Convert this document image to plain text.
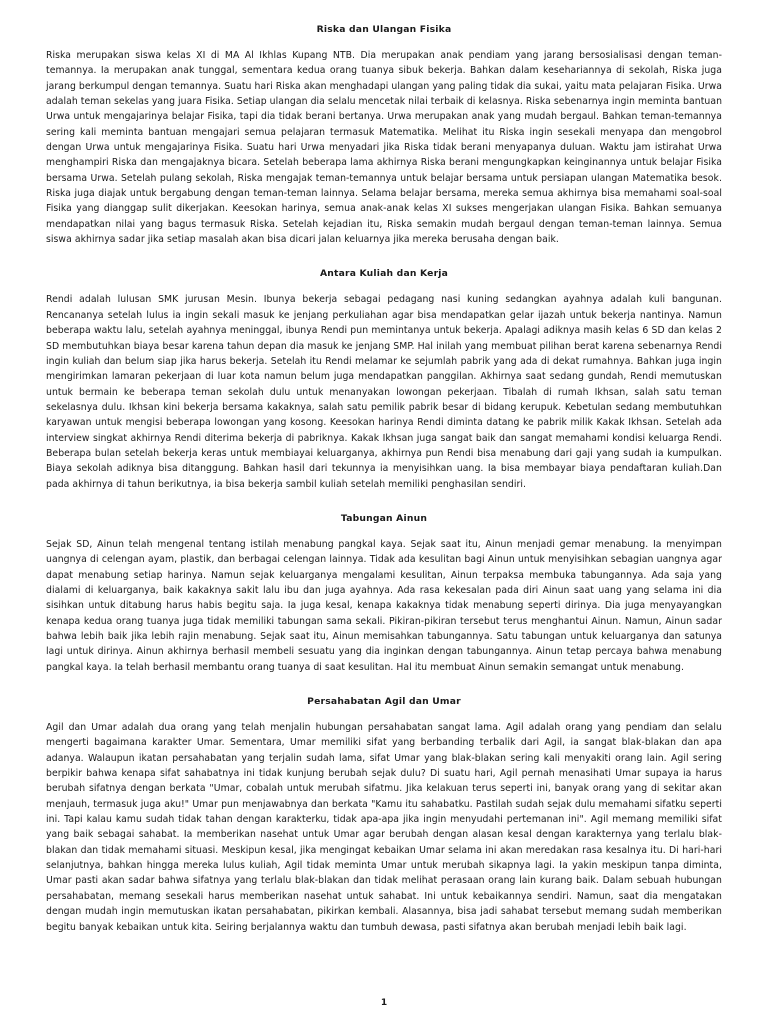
Riska dan Ulangan Fisika

Riska merupakan siswa kelas XI di MA Al Ikhlas Kupang NTB. Dia merupakan anak pendiam yang jarang bersosialisasi dengan teman-temannya. Ia merupakan anak tunggal, sementara kedua orang tuanya sibuk bekerja. Bahkan dalam kesehariannya di sekolah, Riska juga jarang berkumpul dengan temannya. Suatu hari Riska akan menghadapi ulangan yang paling tidak dia sukai, yaitu mata pelajaran Fisika. Urwa adalah teman sekelas yang juara Fisika. Setiap ulangan dia selalu mencetak nilai terbaik di kelasnya. Riska sebenarnya ingin meminta bantuan Urwa untuk mengajarinya belajar Fisika, tapi dia tidak berani bertanya. Urwa merupakan anak yang mudah bergaul. Bahkan teman-temannya sering kali meminta bantuan mengajari semua pelajaran termasuk Matematika. Melihat itu Riska ingin sesekali menyapa dan mengobrol dengan Urwa untuk mengajarinya Fisika. Suatu hari Urwa menyadari jika Riska tidak berani menyapanya duluan. Waktu jam istirahat Urwa menghampiri Riska dan mengajaknya bicara. Setelah beberapa lama akhirnya Riska berani mengungkapkan keinginannya untuk belajar Fisika bersama Urwa. Setelah pulang sekolah, Riska mengajak teman-temannya untuk belajar bersama untuk persiapan ulangan Matematika besok. Riska juga diajak untuk bergabung dengan teman-teman lainnya. Selama belajar bersama, mereka semua akhirnya bisa memahami soal-soal Fisika yang dianggap sulit dikerjakan. Keesokan harinya, semua anak-anak kelas XI sukses mengerjakan ulangan Fisika. Bahkan semuanya mendapatkan nilai yang bagus termasuk Riska. Setelah kejadian itu, Riska semakin mudah bergaul dengan teman-teman lainnya. Semua siswa akhirnya sadar jika setiap masalah akan bisa dicari jalan keluarnya jika mereka berusaha dengan baik.

Antara Kuliah dan Kerja

Rendi adalah lulusan SMK jurusan Mesin. Ibunya bekerja sebagai pedagang nasi kuning sedangkan ayahnya adalah kuli bangunan. Rencananya setelah lulus ia ingin sekali masuk ke jenjang perkuliahan agar bisa mendapatkan gelar ijazah untuk bekerja nantinya. Namun beberapa waktu lalu, setelah ayahnya meninggal, ibunya Rendi pun memintanya untuk bekerja. Apalagi adiknya masih kelas 6 SD dan kelas 2 SD membutuhkan biaya besar karena tahun depan dia masuk ke jenjang SMP. Hal inilah yang membuat pilihan berat karena sebenarnya Rendi ingin kuliah dan belum siap jika harus bekerja. Setelah itu Rendi melamar ke sejumlah pabrik yang ada di dekat rumahnya. Bahkan juga ingin mengirimkan lamaran pekerjaan di luar kota namun belum juga mendapatkan panggilan. Akhirnya saat sedang gundah, Rendi memutuskan untuk bermain ke beberapa teman sekolah dulu untuk menanyakan lowongan pekerjaan. Tibalah di rumah Ikhsan, salah satu teman sekelasnya dulu. Ikhsan kini bekerja bersama kakaknya, salah satu pemilik pabrik besar di bidang kerupuk. Kebetulan sedang membutuhkan karyawan untuk mengisi beberapa lowongan yang kosong. Keesokan harinya Rendi diminta datang ke pabrik milik Kakak Ikhsan. Setelah ada interview singkat akhirnya Rendi diterima bekerja di pabriknya. Kakak Ikhsan juga sangat baik dan sangat memahami kondisi keluarga Rendi. Beberapa bulan setelah bekerja keras untuk membiayai keluarganya, akhirnya pun Rendi bisa menabung dari gaji yang sudah ia kumpulkan. Biaya sekolah adiknya bisa ditanggung. Bahkan hasil dari tekunnya ia menyisihkan uang. Ia bisa membayar biaya pendaftaran kuliah.Dan pada akhirnya di tahun berikutnya, ia bisa bekerja sambil kuliah setelah memiliki penghasilan sendiri.

Tabungan Ainun

Sejak SD, Ainun telah mengenal tentang istilah menabung pangkal kaya. Sejak saat itu, Ainun menjadi gemar menabung. Ia menyimpan uangnya di celengan ayam, plastik, dan berbagai celengan lainnya. Tidak ada kesulitan bagi Ainun untuk menyisihkan sebagian uangnya agar dapat menabung setiap harinya. Namun sejak keluarganya mengalami kesulitan, Ainun terpaksa membuka tabungannya. Ada saja yang dialami di keluarganya, baik kakaknya sakit lalu ibu dan juga ayahnya. Ada rasa kekesalan pada diri Ainun saat uang yang selama ini dia sisihkan untuk ditabung harus habis begitu saja. Ia juga kesal, kenapa kakaknya tidak menabung seperti dirinya. Dia juga menyayangkan kenapa kedua orang tuanya juga tidak memiliki tabungan sama sekali. Pikiran-pikiran tersebut terus menghantui Ainun. Namun, Ainun sadar bahwa lebih baik jika lebih rajin menabung. Sejak saat itu, Ainun memisahkan tabungannya. Satu tabungan untuk keluarganya dan satunya lagi untuk dirinya. Ainun akhirnya berhasil membeli sesuatu yang dia inginkan dengan tabungannya. Ainun tetap percaya bahwa menabung pangkal kaya. Ia telah berhasil membantu orang tuanya di saat kesulitan. Hal itu membuat Ainun semakin semangat untuk menabung.

Persahabatan Agil dan Umar

Agil dan Umar adalah dua orang yang telah menjalin hubungan persahabatan sangat lama. Agil adalah orang yang pendiam dan selalu mengerti bagaimana karakter Umar. Sementara, Umar memiliki sifat yang berbanding terbalik dari Agil, ia sangat blak-blakan dan apa adanya. Walaupun ikatan persahabatan yang terjalin sudah lama, sifat Umar yang blak-blakan sering kali menyakiti orang lain. Agil sering berpikir bahwa kenapa sifat sahabatnya ini tidak kunjung berubah sejak dulu? Di suatu hari, Agil pernah menasihati Umar supaya ia harus berubah sifatnya dengan berkata "Umar, cobalah untuk merubah sifatmu. Jika kelakuan terus seperti ini, banyak orang yang di sekitar akan menjauh, termasuk juga aku!" Umar pun menjawabnya dan berkata "Kamu itu sahabatku. Pastilah sudah sejak dulu memahami sifatku seperti ini. Tapi kalau kamu sudah tidak tahan dengan karakterku, tidak apa-apa jika ingin menyudahi pertemanan ini". Agil memang memiliki sifat yang baik sebagai sahabat. Ia memberikan nasehat untuk Umar agar berubah dengan alasan kesal dengan karakternya yang terlalu blak-blakan dan tidak memahami situasi. Meskipun kesal, jika mengingat kebaikan Umar selama ini akan meredakan rasa kesalnya itu. Di hari-hari selanjutnya, bahkan hingga mereka lulus kuliah, Agil tidak meminta Umar untuk merubah sikapnya lagi. Ia yakin meskipun tanpa diminta, Umar pasti akan sadar bahwa sifatnya yang terlalu blak-blakan dan tidak melihat perasaan orang lain kurang baik. Dalam sebuah hubungan persahabatan, memang sesekali harus memberikan nasehat untuk sahabat. Ini untuk kebaikannya sendiri. Namun, saat dia mengatakan dengan mudah ingin memutuskan ikatan persahabatan, pikirkan kembali. Alasannya, bisa jadi sahabat tersebut memang sudah memberikan begitu banyak kebaikan untuk kita. Seiring berjalannya waktu dan tumbuh dewasa, pasti sifatnya akan berubah menjadi lebih baik lagi.

1
